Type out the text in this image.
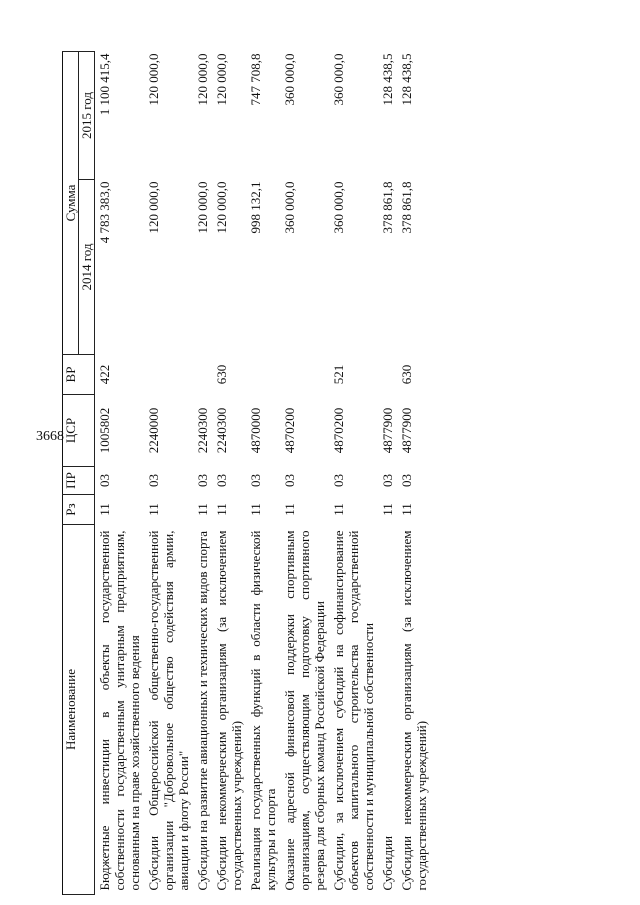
3668
Наименование	Рз	ПР	ЦСР	ВР	Сумма	
					2014 год	2015 год
Бюджетные инвестиции в объекты государственной собственности государственным унитарным предприятиям, основанным на праве хозяйственного ведения	11	03	1005802	422	4 783 383,0	1 100 415,4
Субсидии Общероссийской общественно-государственной организации "Добровольное общество содействия армии, авиации и флоту России"	11	03	2240000		120 000,0	120 000,0
Субсидии на развитие авиационных и технических видов спорта	11	03	2240300		120 000,0	120 000,0
Субсидии некоммерческим организациям (за исключением государственных учреждений)	11	03	2240300	630	120 000,0	120 000,0
Реализация государственных функций в области физической культуры и спорта	11	03	4870000		998 132,1	747 708,8
Оказание адресной финансовой поддержки спортивным организациям, осуществляющим подготовку спортивного резерва для сборных команд Российской Федерации	11	03	4870200		360 000,0	360 000,0
Субсидии, за исключением субсидий на софинансирование объектов капитального строительства государственной собственности и муниципальной собственности	11	03	4870200	521	360 000,0	360 000,0
Субсидии	11	03	4877900		378 861,8	128 438,5
Субсидии некоммерческим организациям (за исключением государственных учреждений)	11	03	4877900	630	378 861,8	128 438,5
